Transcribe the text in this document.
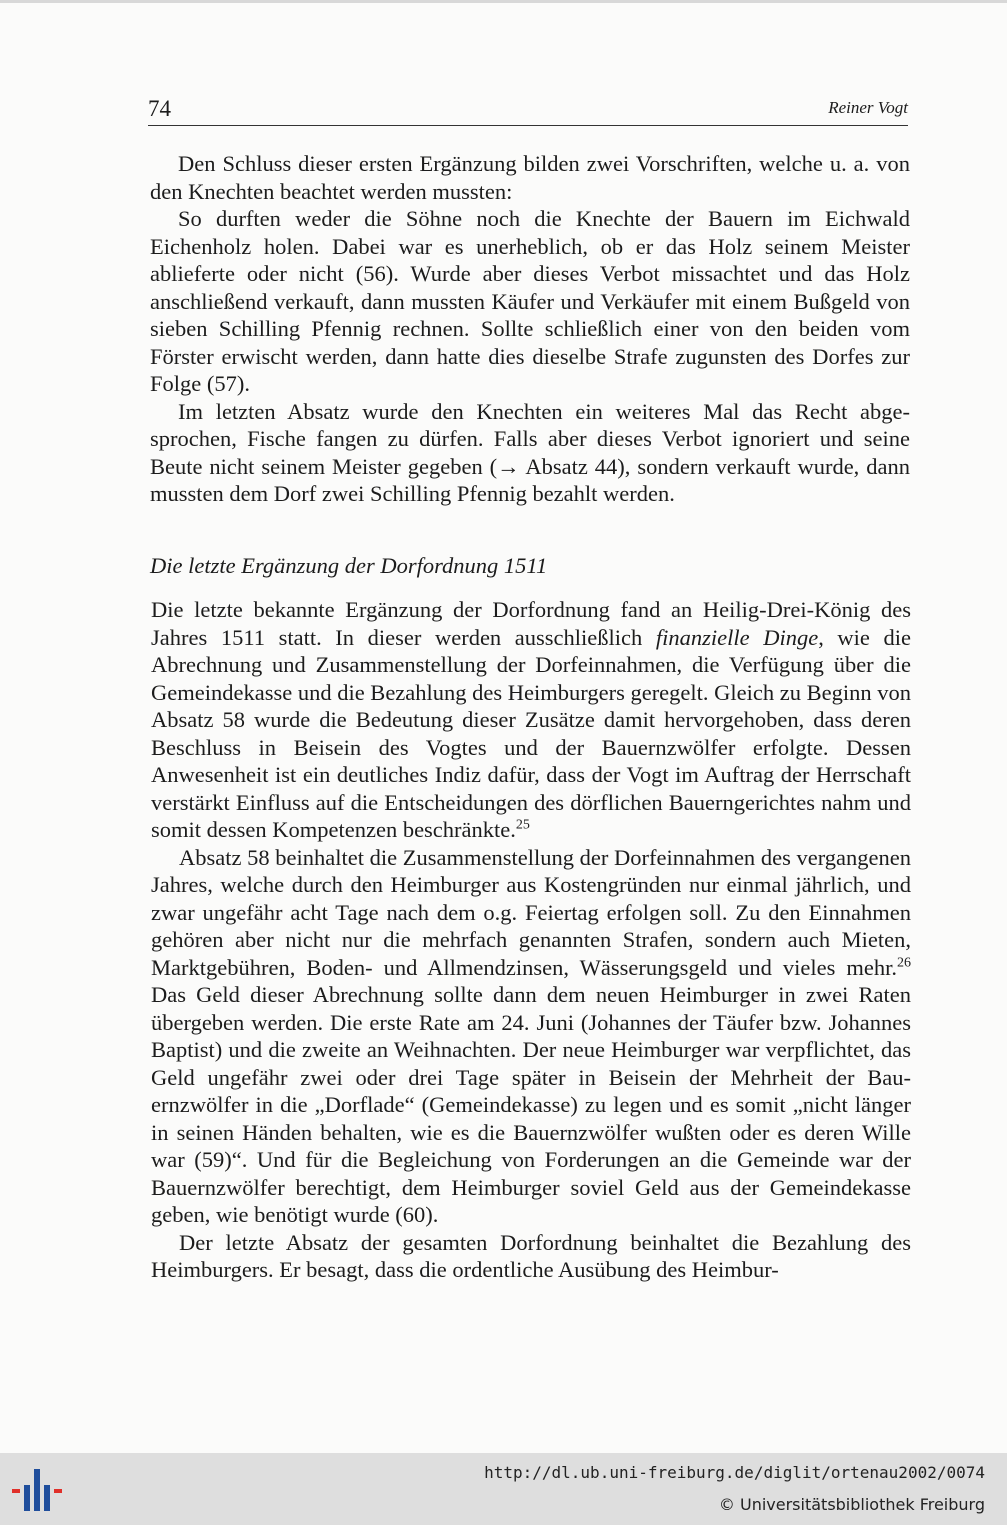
74	Reiner Vogt

Den Schluss dieser ersten Ergänzung bilden zwei Vorschriften, welche u. a. von den Knechten beachtet werden mussten:

So durften weder die Söhne noch die Knechte der Bauern im Eichwald Eichenholz holen. Dabei war es unerheblich, ob er das Holz seinem Meister ablieferte oder nicht (56). Wurde aber dieses Verbot missachtet und das Holz anschließend verkauft, dann mussten Käufer und Verkäufer mit einem Bußgeld von sieben Schilling Pfennig rechnen. Sollte schließlich einer von den beiden vom Förster erwischt werden, dann hatte dies dieselbe Strafe zugunsten des Dorfes zur Folge (57).

Im letzten Absatz wurde den Knechten ein weiteres Mal das Recht abgesprochen, Fische fangen zu dürfen. Falls aber dieses Verbot ignoriert und seine Beute nicht seinem Meister gegeben (→ Absatz 44), sondern verkauft wurde, dann mussten dem Dorf zwei Schilling Pfennig bezahlt werden.

Die letzte Ergänzung der Dorfordnung 1511

Die letzte bekannte Ergänzung der Dorfordnung fand an Heilig-Drei-König des Jahres 1511 statt. In dieser werden ausschließlich finanzielle Dinge, wie die Abrechnung und Zusammenstellung der Dorfeinnahmen, die Verfügung über die Gemeindekasse und die Bezahlung des Heimburgers geregelt. Gleich zu Beginn von Absatz 58 wurde die Bedeutung dieser Zusätze damit hervorgehoben, dass deren Beschluss in Beisein des Vogtes und der Bauernzwölfer erfolgte. Dessen Anwesenheit ist ein deutliches Indiz dafür, dass der Vogt im Auftrag der Herrschaft verstärkt Einfluss auf die Entscheidungen des dörflichen Bauerngerichtes nahm und somit dessen Kompetenzen beschränkte.$^{25}$

Absatz 58 beinhaltet die Zusammenstellung der Dorfeinnahmen des vergangenen Jahres, welche durch den Heimburger aus Kostengründen nur einmal jährlich, und zwar ungefähr acht Tage nach dem o.g. Feiertag erfolgen soll. Zu den Einnahmen gehören aber nicht nur die mehrfach genannten Strafen, sondern auch Mieten, Marktgebühren, Boden- und Allmendzinsen, Wässerungsgeld und vieles mehr.$^{26}$ Das Geld dieser Abrechnung sollte dann dem neuen Heimburger in zwei Raten übergeben werden. Die erste Rate am 24. Juni (Johannes der Täufer bzw. Johannes Baptist) und die zweite an Weihnachten. Der neue Heimburger war verpflichtet, das Geld ungefähr zwei oder drei Tage später in Beisein der Mehrheit der Bauernzwölfer in die „Dorflade“ (Gemeindekasse) zu legen und es somit „nicht länger in seinen Händen behalten, wie es die Bauernzwölfer wußten oder es deren Wille war (59)“. Und für die Begleichung von Forderungen an die Gemeinde war der Bauernzwölfer berechtigt, dem Heimburger soviel Geld aus der Gemeindekasse geben, wie benötigt wurde (60).

Der letzte Absatz der gesamten Dorfordnung beinhaltet die Bezahlung des Heimburgers. Er besagt, dass die ordentliche Ausübung des Heimbur-

http://dl.ub.uni-freiburg.de/diglit/ortenau2002/0074
© Universitätsbibliothek Freiburg
